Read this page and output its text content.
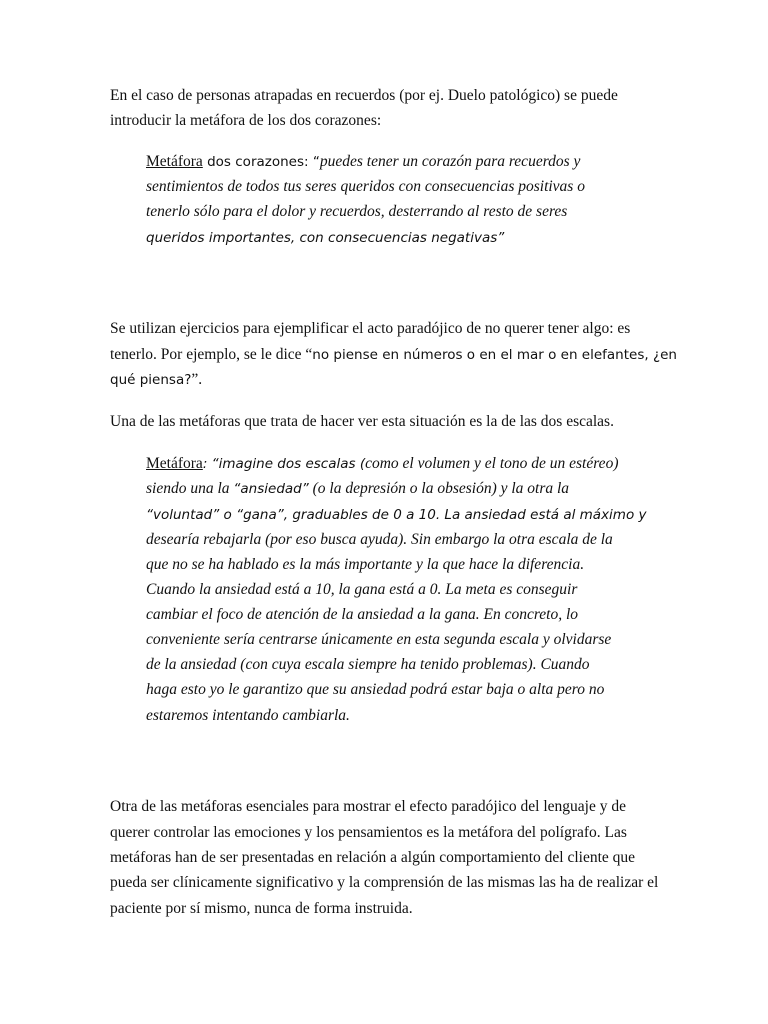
En el caso de personas atrapadas en recuerdos (por ej. Duelo patológico) se puede

introducir la metáfora de los dos corazones:

Metáfora dos corazones: “puedes tener un corazón para recuerdos y

sentimientos de todos tus seres queridos con consecuencias positivas o

tenerlo sólo para el dolor y recuerdos, desterrando al resto de seres

queridos importantes, con consecuencias negativas”

Se utilizan ejercicios para ejemplificar el acto paradójico de no querer tener algo: es

tenerlo. Por ejemplo, se le dice “no piense en números o en el mar o en elefantes, ¿en

qué piensa?”.

Una de las metáforas que trata de hacer ver esta situación es la de las dos escalas.

Metáfora: “imagine dos escalas (como el volumen y el tono de un estéreo)

siendo una la “ansiedad” (o la depresión o la obsesión) y la otra la

“voluntad” o “gana”, graduables de 0 a 10. La ansiedad está al máximo y

desearía rebajarla (por eso busca ayuda). Sin embargo la otra escala de la

que no se ha hablado es la más importante y la que hace la diferencia.

Cuando la ansiedad está a 10, la gana está a 0. La meta es conseguir

cambiar el foco de atención de la ansiedad a la gana. En concreto, lo

conveniente sería centrarse únicamente en esta segunda escala y olvidarse

de la ansiedad (con cuya escala siempre ha tenido problemas). Cuando

haga esto yo le garantizo que su ansiedad podrá estar baja o alta pero no

estaremos intentando cambiarla.

Otra de las metáforas esenciales para mostrar el efecto paradójico del lenguaje y de

querer controlar las emociones y los pensamientos es la metáfora del polígrafo. Las

metáforas han de ser presentadas en relación a algún comportamiento del cliente que

pueda ser clínicamente significativo y la comprensión de las mismas las ha de realizar el

paciente por sí mismo, nunca de forma instruida.
